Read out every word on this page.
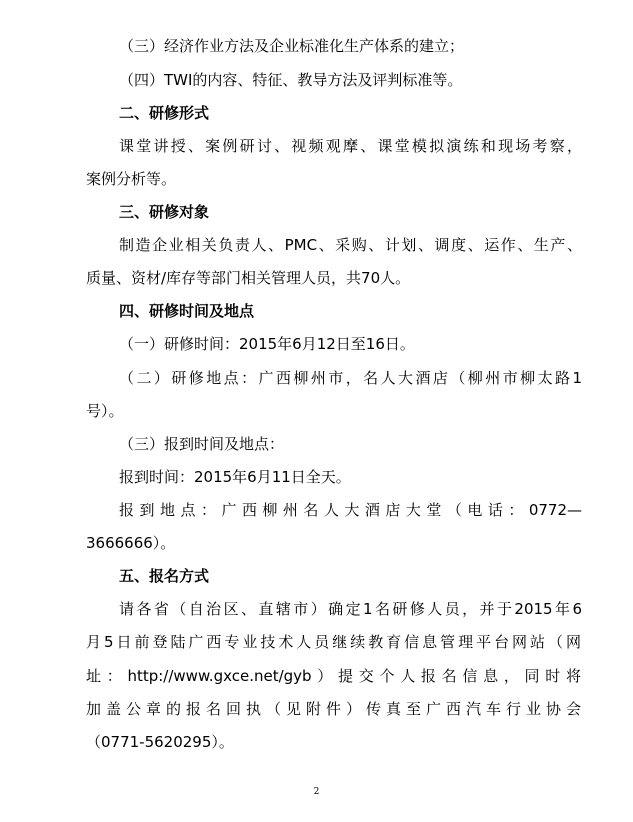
（三）经济作业方法及企业标准化生产体系的建立；
（四）TWI的内容、特征、教导方法及评判标准等。
二、研修形式
课堂讲授、案例研讨、视频观摩、课堂模拟演练和现场考察，
案例分析等。
三、研修对象
制造企业相关负责人、PMC、采购、计划、调度、运作、生产、
质量、资材/库存等部门相关管理人员，共70人。
四、研修时间及地点
（一）研修时间：2015年6月12日至16日。
（二）研修地点：广西柳州市，名人大酒店（柳州市柳太路1
号）。
（三）报到时间及地点：
报到时间：2015年6月11日全天。
报到地点：广西柳州名人大酒店大堂（电话：0772—
3666666）。
五、报名方式
请各省（自治区、直辖市）确定1名研修人员，并于2015年6
月5日前登陆广西专业技术人员继续教育信息管理平台网站（网
址：http://www.gxce.net/gyb）提交个人报名信息，同时将
加盖公章的报名回执（见附件）传真至广西汽车行业协会
（0771-5620295）。
2
